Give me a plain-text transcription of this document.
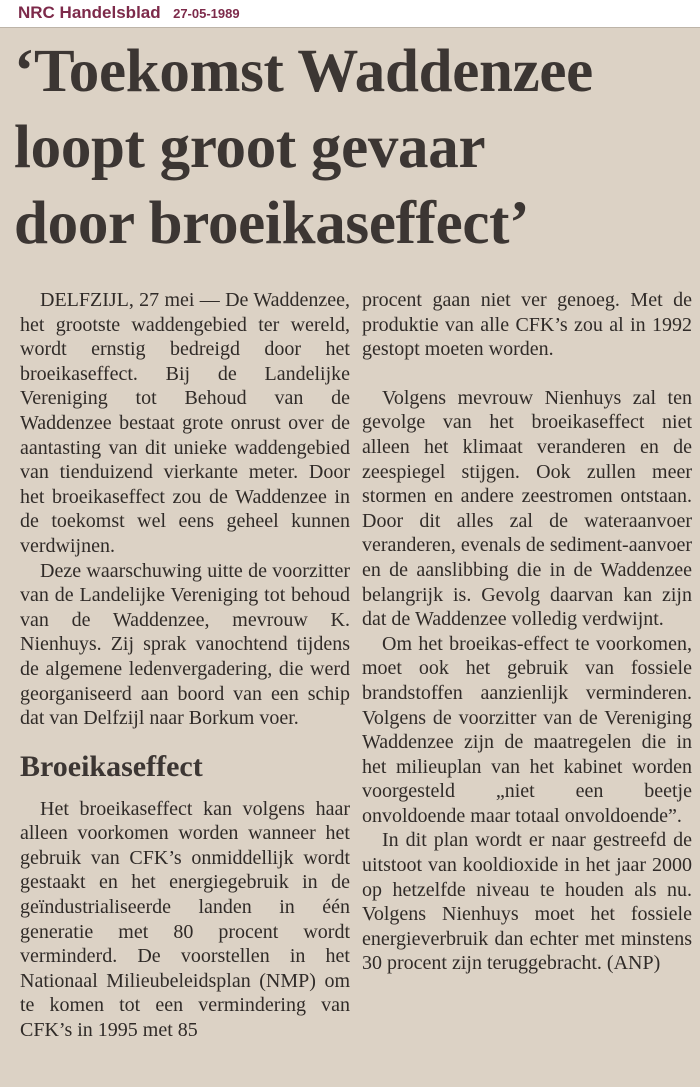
NRC Handelsblad 27-05-1989
‘Toekomst Waddenzee
loopt groot gevaar
door broeikaseffect’

DELFZIJL, 27 mei — De Waddenzee, het grootste waddengebied ter wereld, wordt ernstig bedreigd door het broeikaseffect. Bij de Landelijke Vereniging tot Behoud van de Waddenzee bestaat grote onrust over de aantasting van dit unieke waddengebied van tienduizend vierkante meter. Door het broeikaseffect zou de Waddenzee in de toekomst wel eens geheel kunnen verdwijnen.

Deze waarschuwing uitte de voorzitter van de Landelijke Vereniging tot behoud van de Waddenzee, mevrouw K. Nienhuys. Zij sprak vanochtend tijdens de algemene ledenvergadering, die werd georganiseerd aan boord van een schip dat van Delfzijl naar Borkum voer.

Broeikaseffect

Het broeikaseffect kan volgens haar alleen voorkomen worden wanneer het gebruik van CFK’s onmiddellijk wordt gestaakt en het energiegebruik in de geïndustrialiseerde landen in één generatie met 80 procent wordt verminderd. De voorstellen in het Nationaal Milieubeleidsplan (NMP) om te komen tot een vermindering van CFK’s in 1995 met 85

procent gaan niet ver genoeg. Met de produktie van alle CFK’s zou al in 1992 gestopt moeten worden.

Volgens mevrouw Nienhuys zal ten gevolge van het broeikaseffect niet alleen het klimaat veranderen en de zeespiegel stijgen. Ook zullen meer stormen en andere zeestromen ontstaan. Door dit alles zal de wateraanvoer veranderen, evenals de sediment-aanvoer en de aanslibbing die in de Waddenzee belangrijk is. Gevolg daarvan kan zijn dat de Waddenzee volledig verdwijnt.

Om het broeikas-effect te voorkomen, moet ook het gebruik van fossiele brandstoffen aanzienlijk verminderen. Volgens de voorzitter van de Vereniging Waddenzee zijn de maatregelen die in het milieuplan van het kabinet worden voorgesteld „niet een beetje onvoldoende maar totaal onvoldoende”.

In dit plan wordt er naar gestreefd de uitstoot van kooldioxide in het jaar 2000 op hetzelfde niveau te houden als nu. Volgens Nienhuys moet het fossiele energieverbruik dan echter met minstens 30 procent zijn teruggebracht. (ANP)
